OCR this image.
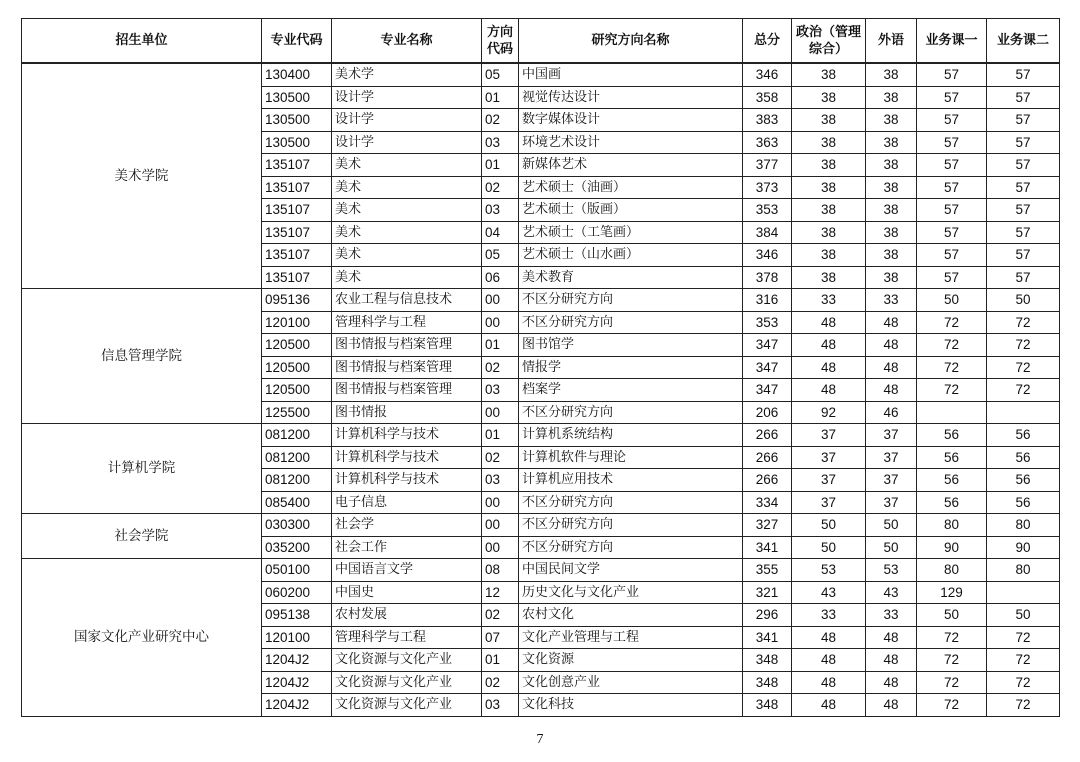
招生单位	专业代码	专业名称	方向代码	研究方向名称	总分	政治（管理综合）	外语	业务课一	业务课二
美术学院	130400	美术学	05	中国画	346	38	38	57	57
	130500	设计学	01	视觉传达设计	358	38	38	57	57
	130500	设计学	02	数字媒体设计	383	38	38	57	57
	130500	设计学	03	环境艺术设计	363	38	38	57	57
	135107	美术	01	新媒体艺术	377	38	38	57	57
	135107	美术	02	艺术硕士（油画）	373	38	38	57	57
	135107	美术	03	艺术硕士（版画）	353	38	38	57	57
	135107	美术	04	艺术硕士（工笔画）	384	38	38	57	57
	135107	美术	05	艺术硕士（山水画）	346	38	38	57	57
	135107	美术	06	美术教育	378	38	38	57	57
信息管理学院	095136	农业工程与信息技术	00	不区分研究方向	316	33	33	50	50
	120100	管理科学与工程	00	不区分研究方向	353	48	48	72	72
	120500	图书情报与档案管理	01	图书馆学	347	48	48	72	72
	120500	图书情报与档案管理	02	情报学	347	48	48	72	72
	120500	图书情报与档案管理	03	档案学	347	48	48	72	72
	125500	图书情报	00	不区分研究方向	206	92	46		
计算机学院	081200	计算机科学与技术	01	计算机系统结构	266	37	37	56	56
	081200	计算机科学与技术	02	计算机软件与理论	266	37	37	56	56
	081200	计算机科学与技术	03	计算机应用技术	266	37	37	56	56
	085400	电子信息	00	不区分研究方向	334	37	37	56	56
社会学院	030300	社会学	00	不区分研究方向	327	50	50	80	80
	035200	社会工作	00	不区分研究方向	341	50	50	90	90
国家文化产业研究中心	050100	中国语言文学	08	中国民间文学	355	53	53	80	80
	060200	中国史	12	历史文化与文化产业	321	43	43	129	
	095138	农村发展	02	农村文化	296	33	33	50	50
	120100	管理科学与工程	07	文化产业管理与工程	341	48	48	72	72
	1204J2	文化资源与文化产业	01	文化资源	348	48	48	72	72
	1204J2	文化资源与文化产业	02	文化创意产业	348	48	48	72	72
	1204J2	文化资源与文化产业	03	文化科技	348	48	48	72	72
7
